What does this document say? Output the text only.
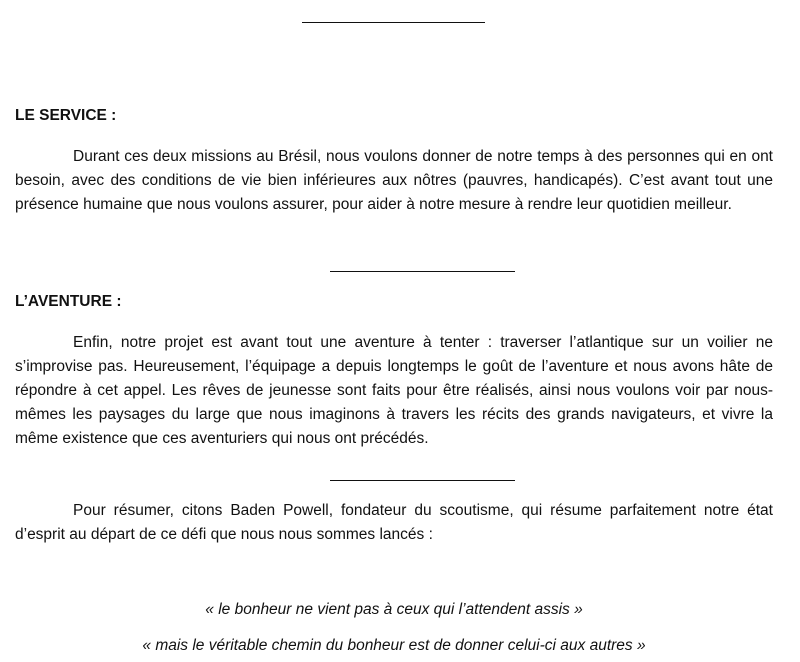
LE SERVICE :

Durant ces deux missions au Brésil, nous voulons donner de notre temps à des personnes qui en ont besoin, avec des conditions de vie bien inférieures aux nôtres (pauvres, handicapés). C’est avant tout une présence humaine que nous voulons assurer, pour aider à notre mesure à rendre leur quotidien meilleur.

L’AVENTURE :

Enfin, notre projet est avant tout une aventure à tenter : traverser l’atlantique sur un voilier ne s’improvise pas. Heureusement, l’équipage a depuis longtemps le goût de l’aventure et nous avons hâte de répondre à cet appel. Les rêves de jeunesse sont faits pour être réalisés, ainsi nous voulons voir par nous-mêmes les paysages du large que nous imaginons à travers les récits des grands navigateurs, et vivre la même existence que ces aventuriers qui nous ont précédés.

Pour résumer, citons Baden Powell, fondateur du scoutisme, qui résume parfaitement notre état d’esprit au départ de ce défi que nous nous sommes lancés :

« le bonheur ne vient pas à ceux qui l’attendent assis »

« mais le véritable chemin du bonheur est de donner celui-ci aux autres »
